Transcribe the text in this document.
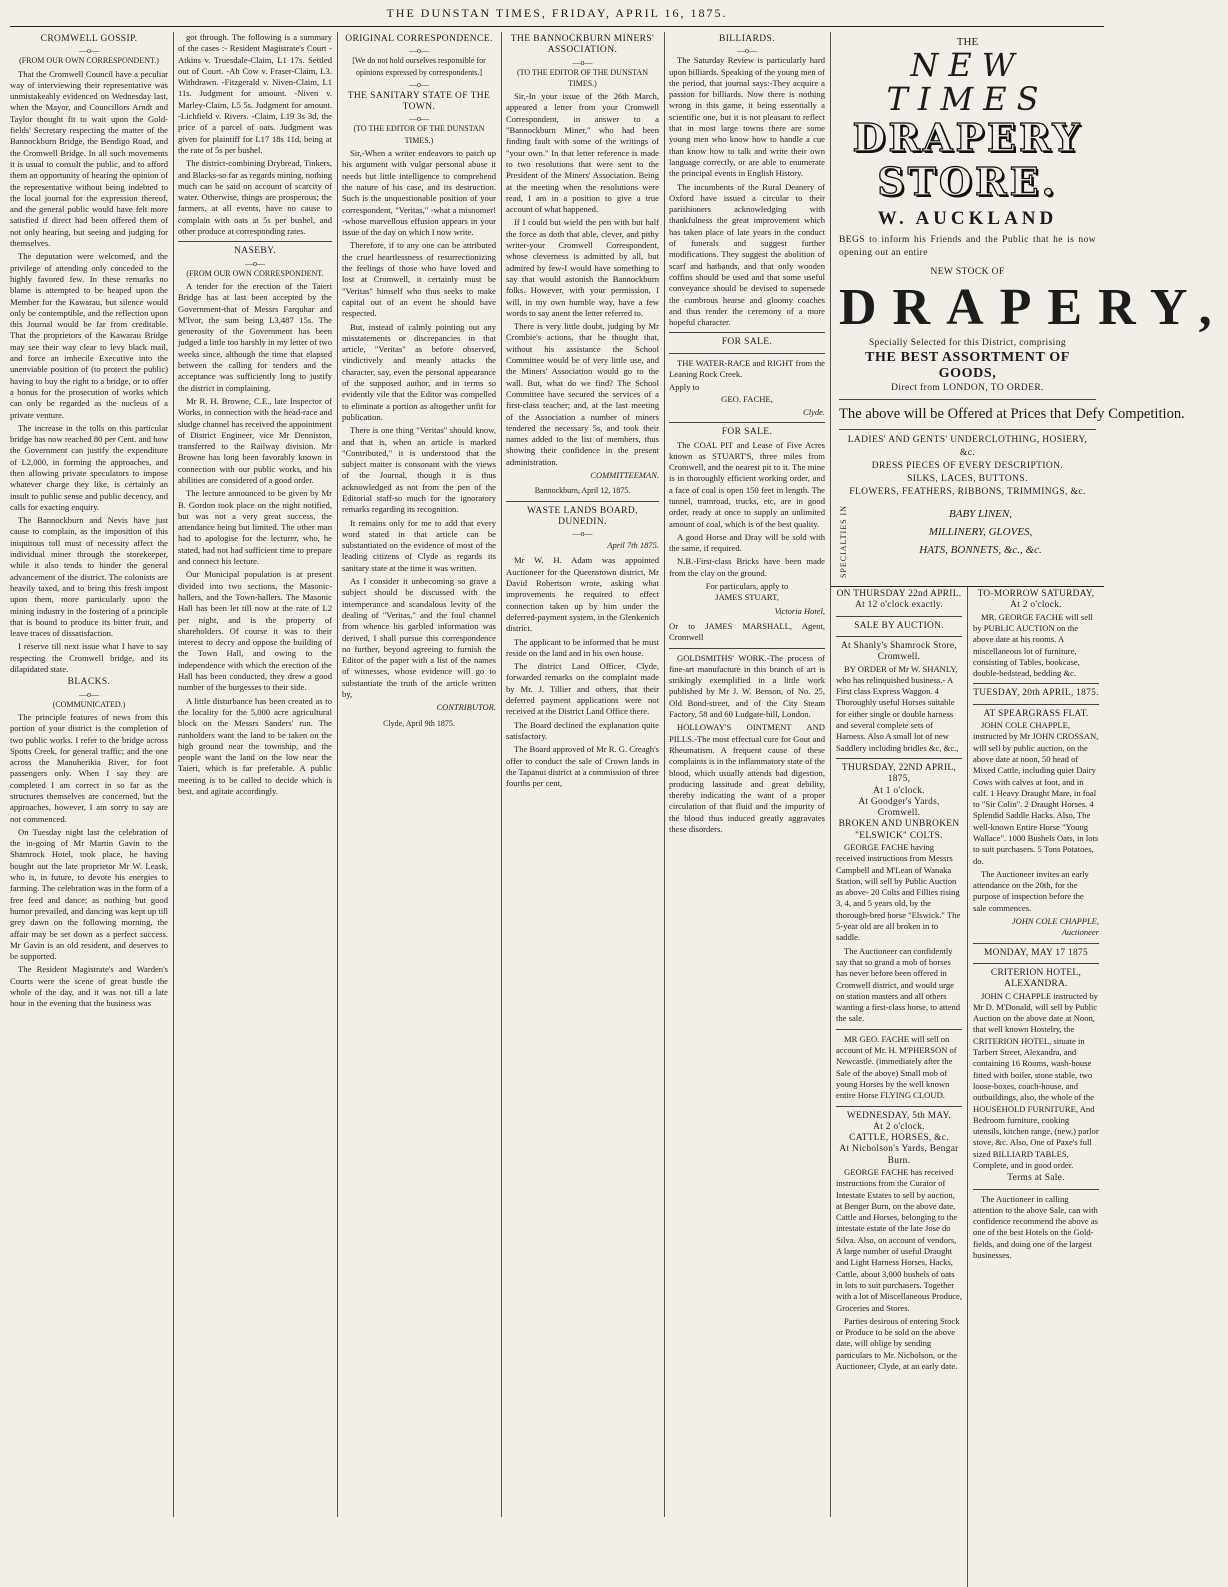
THE DUNSTAN TIMES, FRIDAY, APRIL 16, 1875.
CROMWELL GOSSIP.
—o—
(FROM OUR OWN CORRESPONDENT.)

That the Cromwell Council have a peculiar way of interviewing their representative was unmistakeably evidenced on Wednesday last, when the Mayor, and Councillors Arndt and Taylor thought fit to wait upon the Gold-fields' Secretary respecting the matter of the Bannockburn Bridge, the Bendigo Road, and the Cromwell Bridge. In all such movements it is usual to consult the public, and to afford them an opportunity of hearing the opinion of the representative without being indebted to the local journal for the expression thereof, and the general public would have felt more satisfied if direct had been offered them of not only hearing, but seeing and judging for themselves.

The deputation were welcomed, and the privilege of attending only conceded to the highly favored few. In these remarks no blame is attempted to be heaped upon the Member for the Kawarau, but silence would only be contemptible, and the reflection upon this Journal would be far from creditable. That the proprietors of the Kawarau Bridge may see their way clear to levy black mail, and force an imbecile Executive into the unenviable position of (to protect the public) having to buy the right to a bridge, or to offer a bonus for the prosecution of works which can only be regarded as the nucleus of a private venture.

The increase in the tolls on this particular bridge has now reached 80 per Cent. and how the Government can justify the expenditure of L2,000, in forming the approaches, and then allowing private speculators to impose whatever charge they like, is certainly an insult to public sense and public decency, and calls for exacting enquiry.

The Bannockburn and Nevis have just cause to complain, as the imposition of this iniquitous toll must of necessity affect the individual miner through the storekeeper, while it also tends to hinder the general advancement of the district. The colonists are heavily taxed, and to bring this fresh impost upon them, more particularly upon the mining industry in the fostering of a principle that is bound to produce its bitter fruit, and leave traces of dissatisfaction.

I reserve till next issue what I have to say respecting the Cromwell bridge, and its dilapidated state.

BLACKS.
—o—
(COMMUNICATED.)

The principle features of news from this portion of your district is the completion of two public works. I refer to the bridge across Spotts Creek, for general traffic; and the one across the Manuherikia River, for foot passengers only. When I say they are completed I am correct in so far as the structures themselves are concerned, but the approaches, however, I am sorry to say are not commenced.

On Tuesday night last the celebration of the in-going of Mr Martin Gavin to the Shamrock Hotel, took place, he having bought out the late proprietor Mr W. Leask, who is, in future, to devote his energies to farming. The celebration was in the form of a free feed and dance; as nothing but good humor prevailed, and dancing was kept up till grey dawn on the following morning, the affair may be set down as a perfect success. Mr Gavin is an old resident, and deserves to be supported.

The Resident Magistrate's and Warden's Courts were the scene of great bustle the whole of the day, and it was not till a late hour in the evening that the business was

got through. The following is a summary of the cases :- Resident Magistrate's Court -Atkins v. Truesdale-Claim, L1 17s. Settled out of Court. -Ah Cow v. Fraser-Claim, L3. Withdrawn. -Fitzgerald v. Niven-Claim, L1 11s. Judgment for amount. -Niven v. Marley-Claim, L5 5s. Judgment for amount. -Lichfield v. Rivers. -Claim, L19 3s 3d, the price of a parcel of oats. Judgment was given for plaintiff for L17 18s 11d, being at the rate of 5s per bushel.

The district-combining Drybread, Tinkers, and Blacks-so far as regards mining, nothing much can be said on account of scarcity of water. Otherwise, things are prosperous; the farmers, at all events, have no cause to complain with oats at 5s per bushel, and other produce at corresponding rates.

NASEBY.
—o—
(FROM OUR OWN CORRESPONDENT.

A tender for the erection of the Taieri Bridge has at last been accepted by the Government-that of Messrs Farquhar and M'Ivor, the sum being L3,487 15s. The generosity of the Government has been judged a little too harshly in my letter of two weeks since, although the time that elapsed between the calling for tenders and the acceptance was sufficiently long to justify the district in complaining.

Mr R. H. Browne, C.E., late Inspector of Works, in connection with the head-race and sludge channel has received the appointment of District Engineer, vice Mr Denniston, transferred to the Railway division. Mr Browne has long been favorably known in connection with our public works, and his abilities are considered of a good order.

The lecture announced to be given by Mr B. Gordon took place on the night notified, but was not a very great success, the attendance being but limited. The other man had to apologise for the lecturer, who, he stated, had not had sufficient time to prepare and connect his lecture.

Our Municipal population is at present divided into two sections, the Masonic-hallers, and the Town-hallers. The Masonic Hall has been let till now at the rate of L2 per night, and is the property of shareholders. Of course it was to their interest to decry and oppose the building of the Town Hall, and owing to the independence with which the erection of the Hall has been conducted, they drew a good number of the burgesses to their side.

A little disturbance has been created as to the locality for the 5,000 acre agricultural block on the Messrs Sanders' run. The runholders want the land to be taken on the high ground near the township, and the people want the land on the low near the Taieri, which is far preferable. A public meeting is to be called to decide which is best, and agitate accordingly.

ORIGINAL CORRESPONDENCE.
—o—
[We do not hold ourselves responsible for opinions expressed by correspondents.]
—o—
THE SANITARY STATE OF THE TOWN.
—o—
(TO THE EDITOR OF THE DUNSTAN TIMES.)

Sir,-When a writer endeavors to patch up his argument with vulgar personal abuse it needs but little intelligence to comprehend the nature of his case, and its destruction. Such is the unquestionable position of your correspondent, "Veritas," -what a misnomer! -whose marvellous effusion appears in your issue of the day on which I now write.

Therefore, if to any one can be attributed the cruel heartlessness of resurrectionizing the feelings of those who have loved and lost at Cromwell, it certainly must be "Veritas" himself who thus seeks to make capital out of an event he should have respected.

But, instead of calmly pointing out any misstatements or discrepancies in that article, "Veritas" as before observed, vindictively and meanly attacks the character, say, even the personal appearance of the supposed author, and in terms so evidently vile that the Editor was compelled to eliminate a portion as altogether unfit for publication.

There is one thing "Veritas" should know, and that is, when an article is marked "Contributed," it is understood that the subject matter is consonant with the views of the Journal, though it is thus acknowledged as not from the pen of the Editorial staff-so much for the ignoratory remarks regarding its recognition.

It remains only for me to add that every word stated in that article can be substantiated on the evidence of most of the leading citizens of Clyde as regards its sanitary state at the time it was written.

As I consider it unbecoming so grave a subject should be discussed with the intemperance and scandalous levity of the dealing of "Veritas," and the foul channel from whence his garbled information was derived, I shall pursue this correspondence no further, beyond agreeing to furnish the Editor of the paper with a list of the names of witnesses, whose evidence will go to substantiate the truth of the article written by,

CONTRIBUTOR.
Clyde, April 9th 1875.
THE BANNOCKBURN MINERS' ASSOCIATION.
—o—
(TO THE EDITOR OF THE DUNSTAN TIMES.)

Sir,-In your issue of the 26th March, appeared a letter from your Cromwell Correspondent, in answer to a "Bannockburn Miner," who had been finding fault with some of the writings of "your own." In that letter reference is made to two resolutions that were sent to the President of the Miners' Association. Being at the meeting when the resolutions were read, I am in a position to give a true account of what happened.

If I could but wield the pen with but half the force as doth that able, clever, and pithy writer-your Cromwell Correspondent, whose cleverness is admitted by all, but admired by few-I would have something to say that would astonish the Bannockburn folks. However, with your permission, I will, in my own humble way, have a few words to say anent the letter referred to.

There is very little doubt, judging by Mr Crombie's actions, that he thought that, without his assistance the School Committee would be of very little use, and the Miners' Association would go to the wall. But, what do we find? The School Committee have secured the services of a first-class teacher; and, at the last meeting of the Association a number of miners tendered the necessary 5s, and took their names added to the list of members, thus showing their confidence in the present administration.

COMMITTEEMAN.
Bannockburn, April 12, 1875.
WASTE LANDS BOARD, DUNEDIN.
—o—
April 7th 1875.

Mr W. H. Adam was appointed Auctioneer for the Queenstown district, Mr David Robertson wrote, asking what improvements he required to effect connection taken up by him under the deferred-payment system, in the Glenkenich district.

The applicant to be informed that he must reside on the land and in his own house.

The district Land Officer, Clyde, forwarded remarks on the complaint made by Mr. J. Tillier and others, that their deferred payment applications were not received at the District Land Office there.

The Board declined the explanation quite satisfactory.

The Board approved of Mr R. G. Creagh's offer to conduct the sale of Crown lands in the Tapanui district at a commission of three fourths per cent,

BILLIARDS.
—o—

The Saturday Review is particularly hard upon billiards. Speaking of the young men of the period, that journal says:-They acquire a passion for billiards. Now there is nothing wrong in this game, it being essentially a scientific one, but it is not pleasant to reflect that in most large towns there are some young men who know how to handle a cue than know how to talk and write their own language correctly, or are able to enumerate the principal events in English History.

The incumbents of the Rural Deanery of Oxford have issued a circular to their parishioners acknowledging with thankfulness the great improvement which has taken place of late years in the conduct of funerals and suggest further modifications. They suggest the abolition of scarf and hatbands, and that only wooden coffins should be used and that some useful conveyance should be devised to supersede the cumbrous hearse and gloomy coaches and thus render the ceremony of a more hopeful character.

FOR SALE.

THE WATER-RACE and RIGHT from the Leaning Rock Creek.

Apply to
GEO. FACHE,
Clyde.
FOR SALE.

The COAL PIT and Lease of Five Acres known as STUART'S, three miles from Cromwell, and the nearest pit to it. The mine is in thoroughly efficient working order, and a face of coal is open 150 feet in length. The tunnel, tramroad, trucks, etc, are in good order, ready at once to supply an unlimited amount of coal, which is of the best quality.

A good Horse and Dray will be sold with the same, if required.

N.B.-First-class Bricks have been made from the clay on the ground.

For particulars, apply to
JAMES STUART,
Victoria Hotel,
Or to JAMES MARSHALL, Agent, Cromwell

GOLDSMITHS' WORK.-The process of fine-art manufacture in this branch of art is strikingly exemplified in a little work published by Mr J. W. Benson, of No. 25, Old Bond-street, and of the City Steam Factory, 58 and 60 Ludgate-hill, London.

HOLLOWAY'S OINTMENT AND PILLS.-The most effectual cure for Gout and Rheumatism. A frequent cause of these complaints is in the inflammatory state of the blood, which usually attends bad digestion, producing lassitude and great debility, thereby indicating the want of a proper circulation of that fluid and the impurity of the blood thus induced greatly aggravates these disorders.

THE
NEW TIMES
DRAPERY STORE.
W. AUCKLAND
BEGS to inform his Friends and the Public that he is now opening out an entire
NEW STOCK OF
DRAPERY,
Specially Selected for this District, comprising
THE BEST ASSORTMENT OF GOODS,
Direct from LONDON, TO ORDER.
The above will be Offered at Prices that Defy Competition.
LADIES' AND GENTS' UNDERCLOTHING, HOSIERY, &c.
DRESS PIECES OF EVERY DESCRIPTION.
SILKS, LACES, BUTTONS.
FLOWERS, FEATHERS, RIBBONS, TRIMMINGS, &c.
SPECIALTIES IN	BABY LINEN,
MILLINERY, GLOVES,
HATS, BONNETS, &c., &c.
ON THURSDAY 22nd APRIL.
At 12 o'clock exactly.
SALE BY AUCTION.
At Shanly's Shamrock Store, Cromwell.

BY ORDER of Mr W. SHANLY, who has relinquished business.- A First class Express Waggon. 4 Thoroughly useful Horses suitable for either single or double harness and several complete sets of Harness. Also A small lot of new Saddlery including bridles &c, &c.,

THURSDAY, 22ND APRIL, 1875,
At 1 o'clock.
At Goodger's Yards, Cromwell.
BROKEN AND UNBROKEN "ELSWICK" COLTS.

GEORGE FACHE having received instructions from Messrs Campbell and M'Lean of Wanaka Station, will sell by Public Auction as above- 20 Colts and Fillies rising 3, 4, and 5 years old, by the thorough-bred horse "Elswick." The 5-year old are all broken in to saddle.

The Auctioneer can confidently say that so grand a mob of horses has never before been offered in Cromwell district, and would urge on station masters and all others wanting a first-class horse, to attend the sale.

MR GEO. FACHE will sell on account of Mr. H. M'PHERSON of Newcastle. (immediately after the Sale of the above) Small mob of young Horses by the well known entire Horse FLYING CLOUD.

WEDNESDAY, 5th MAY.
At 2 o'clock.
CATTLE, HORSES, &c.
At Nicholson's Yards, Bengar Burn.

GEORGE FACHE has received instructions from the Curator of Intestate Estates to sell by auction, at Benger Burn, on the above date, Cattle and Horses, belonging to the intestate estate of the late Jose do Silva. Also, on account of vendors, A large number of useful Draught and Light Harness Horses, Hacks, Cattle, about 3,000 bushels of oats in lots to suit purchasers. Together with a lot of Miscellaneous Produce, Groceries and Stores.

Parties desirous of entering Stock or Produce to be sold on the above date, will oblige by sending particulars to Mr. Nicholson, or the Auctioneer, Clyde, at an early date.

TO-MORROW SATURDAY,
At 2 o'clock.

MR. GEORGE FACHE will sell by PUBLIC AUCTION on the above date at his rooms. A miscellaneous lot of furniture, consisting of Tables, bookcase, double-bedstead, bedding &c.

TUESDAY, 20th APRIL, 1875.
AT SPEARGRASS FLAT.

JOHN COLE CHAPPLE, instructed by Mr JOHN CROSSAN, will sell by public auction, on the above date at noon, 50 head of Mixed Cattle, including quiet Dairy Cows with calves at foot, and in calf. 1 Heavy Draught Mare, in foal to "Sir Colin". 2 Draught Horses. 4 Splendid Saddle Hacks. Also, The well-known Entire Horse "Young Wallace". 1000 Bushels Oats, in lots to suit purchasers. 5 Tons Potatoes, do.

The Auctioneer invites an early attendance on the 20th, for the purpose of inspection before the sale commences.

JOHN COLE CHAPPLE, Auctioneer
MONDAY, MAY 17 1875
CRITERION HOTEL, ALEXANDRA.

JOHN C CHAPPLE instructed by Mr D. M'Donald, will sell by Public Auction on the above date at Noon, that well known Hostelry, the CRITERION HOTEL, situate in Tarbert Street, Alexandra, and containing 16 Rooms, wash-house fitted with boiler, stone stable, two loose-boxes, coach-house, and outbuildings, also, the whole of the HOUSEHOLD FURNITURE, And Bedroom furniture, cooking utensils, kitchen range, (new,) parlor stove, &c. Also, One of Paxe's full sized BILLIARD TABLES, Complete, and in good order.

Terms at Sale.

The Auctioneer in calling attention to the above Sale, can with confidence recommend the above as one of the best Hotels on the Gold-fields, and doing one of the largest businesses.
